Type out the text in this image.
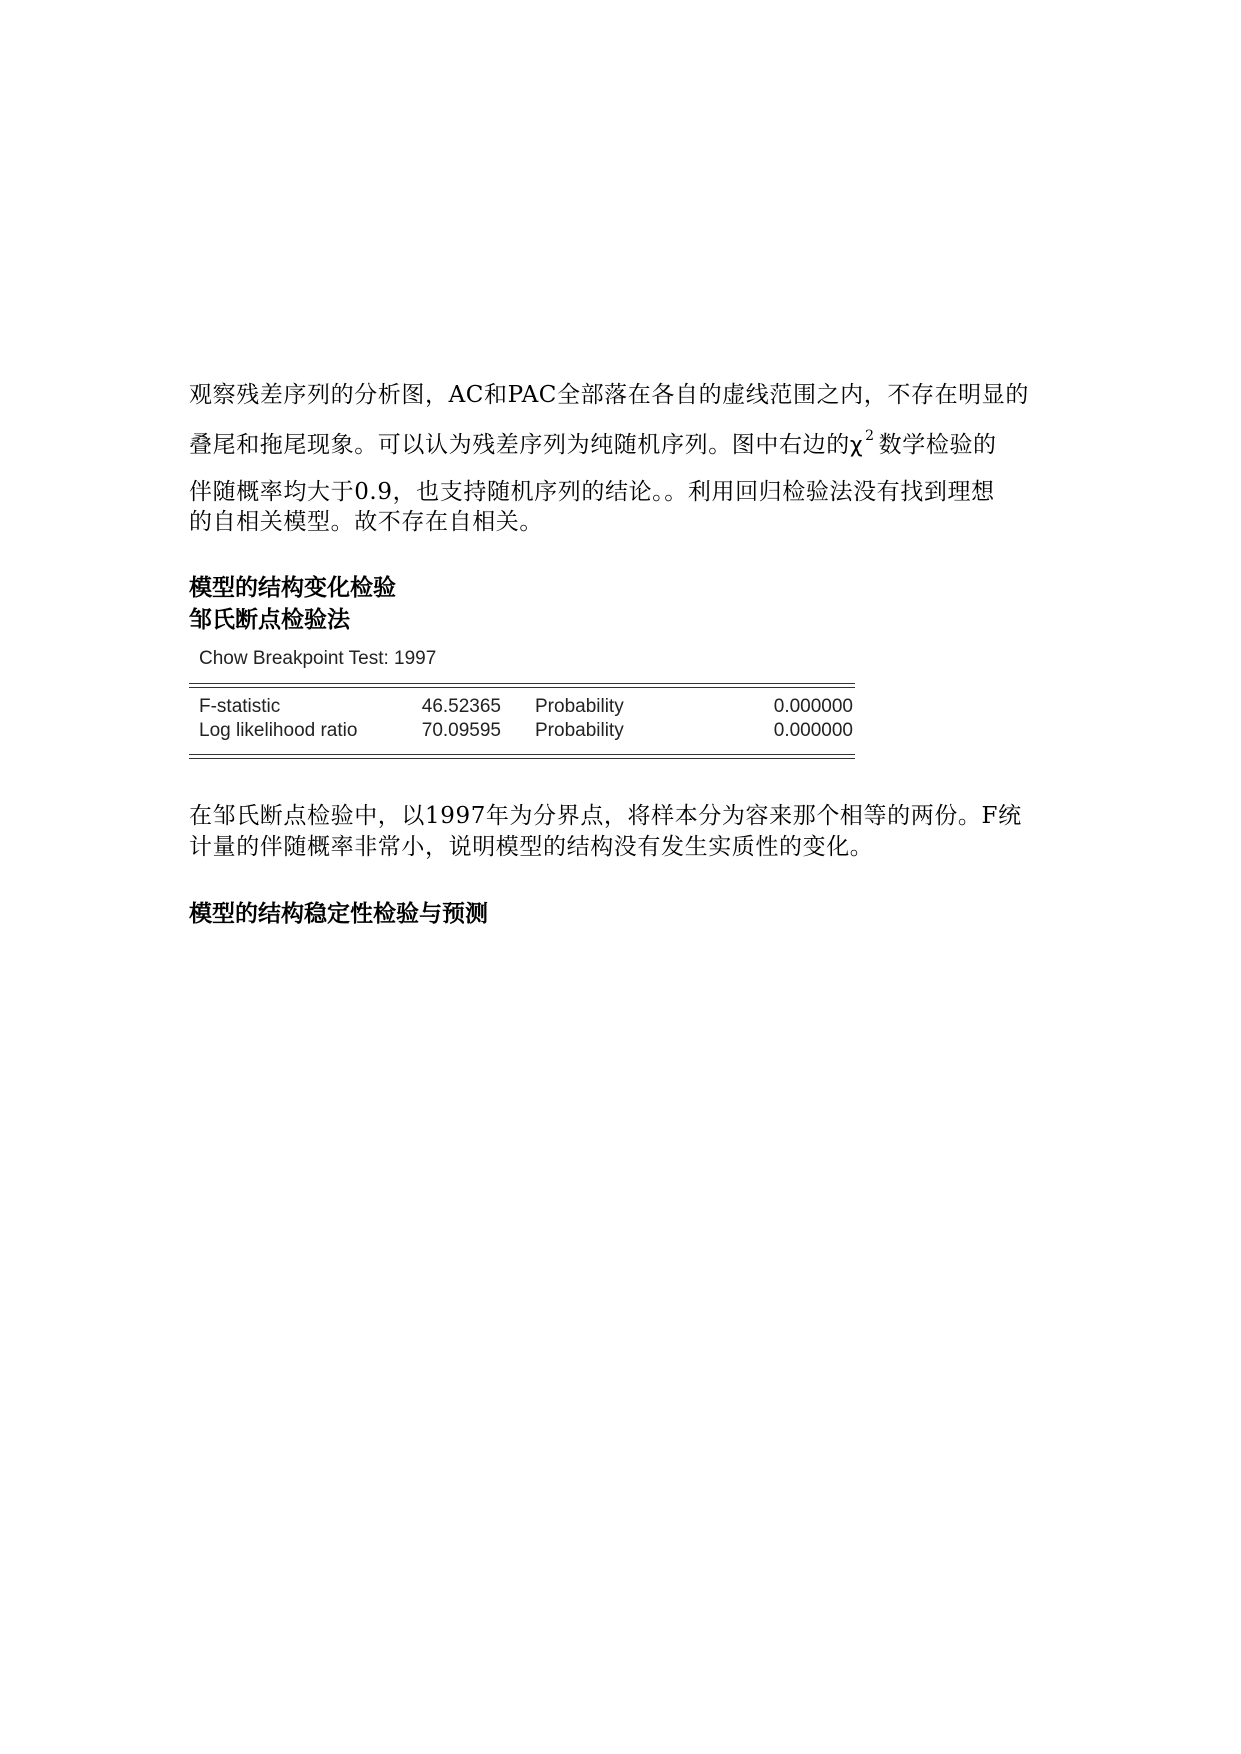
观察残差序列的分析图，AC和PAC全部落在各自的虚线范围之内，不存在明显的
叠尾和拖尾现象。可以认为残差序列为纯随机序列。图中右边的χ $^2$ 数学检验的
伴随概率均大于0.9，也支持随机序列的结论。。利用回归检验法没有找到理想
的自相关模型。故不存在自相关。
模型的结构变化检验
邹氏断点检验法
Chow Breakpoint Test: 1997
F-statistic	46.52365 Probability	0.000000
Log likelihood ratio	70.09595 Probability	0.000000
在邹氏断点检验中，以1997年为分界点，将样本分为容来那个相等的两份。F统
计量的伴随概率非常小，说明模型的结构没有发生实质性的变化。
模型的结构稳定性检验与预测
